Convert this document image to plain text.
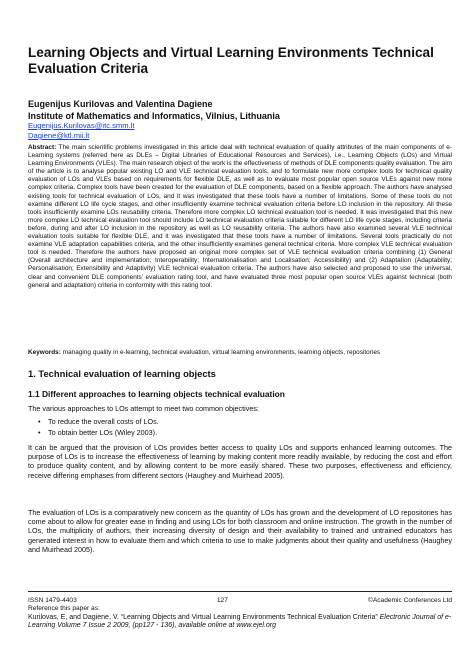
Learning Objects and Virtual Learning Environments Technical Evaluation Criteria
Eugenijus Kurilovas and Valentina Dagiene
Institute of Mathematics and Informatics, Vilnius, Lithuania
Eugenijus.Kurilovas@itc.smm.lt
Dagiene@ktl.mii.lt

Abstract: The main scientific problems investigated in this article deal with technical evaluation of quality attributes of the main components of e-Learning systems (referred here as DLEs – Digital Libraries of Educational Resources and Services), i.e., Learning Objects (LOs) and Virtual Learning Environments (VLEs). The main research object of the work is the effectiveness of methods of DLE components quality evaluation. The aim of the article is to analyse popular existing LO and VLE technical evaluation tools, and to formulate new more complex tools for technical quality evaluation of LOs and VLEs based on requirements for flexible DLE, as well as to evaluate most popular open source VLEs against new more complex criteria. Complex tools have been created for the evaluation of DLE components, based on a flexible approach. The authors have analysed existing tools for technical evaluation of LOs, and it was investigated that these tools have a number of limitations. Some of these tools do not examine different LO life cycle stages, and other insufficiently examine technical evaluation criteria before LO inclusion in the repository. All these tools insufficiently examine LOs reusability criteria. Therefore more complex LO technical evaluation tool is needed. It was investigated that this new more complex LO technical evaluation tool should include LO technical evaluation criteria suitable for different LO life cycle stages, including criteria before, during and after LO inclusion in the repository as well as LO reusability criteria. The authors have also examined several VLE technical evaluation tools suitable for flexible DLE, and it was investigated that these tools have a number of limitations. Several tools practically do not examine VLE adaptation capabilities criteria, and the other insufficiently examines general technical criteria. More complex VLE technical evaluation tool is needed. Therefore the authors have proposed an original more complex set of VLE technical evaluation criteria combining (1) General (Overall architecture and implementation; Interoperability; Internationalisation and Localisation; Accessibility) and (2) Adaptation (Adaptability; Personalisation; Extensibility and Adaptivity) VLE technical evaluation criteria. The authors have also selected and proposed to use the universal, clear and convenient DLE components’ evaluation rating tool, and have evaluated three most popular open source VLEs against technical (both general and adaptation) criteria in conformity with this rating tool.

Keywords: managing quality in e-learning, technical evaluation, virtual learning environments, learning objects, repositories

1. Technical evaluation of learning objects
1.1 Different approaches to learning objects technical evaluation

The various approaches to LOs attempt to meet two common objectives:

• To reduce the overall costs of LOs.
• To obtain better LOs (Wiley 2003).

It can be argued that the provision of LOs provides better access to quality LOs and supports enhanced learning outcomes. The purpose of LOs is to increase the effectiveness of learning by making content more readily available, by reducing the cost and effort to produce quality content, and by allowing content to be more easily shared. These two purposes, effectiveness and efficiency, receive differing emphases from different sectors (Haughey and Muirhead 2005).

The evaluation of LOs is a comparatively new concern as the quantity of LOs has grown and the development of LO repositories has come about to allow for greater ease in finding and using LOs for both classroom and online instruction. The growth in the number of LOs, the multiplicity of authors, their increasing diversity of design and their availability to trained and untrained educators has generated interest in how to evaluate them and which criteria to use to make judgments about their quality and usefulness (Haughey and Muirhead 2005).

ISSN 1479-4403	127	©Academic Conferences Ltd
Reference this paper as:
Kurilovas, E, and Dagiene, V. “Learning Objects and Virtual Learning Environments Technical Evaluation Criteria” Electronic Journal of e-Learning Volume 7 Issue 2 2009, (pp127 - 136), available online at www.ejel.org
